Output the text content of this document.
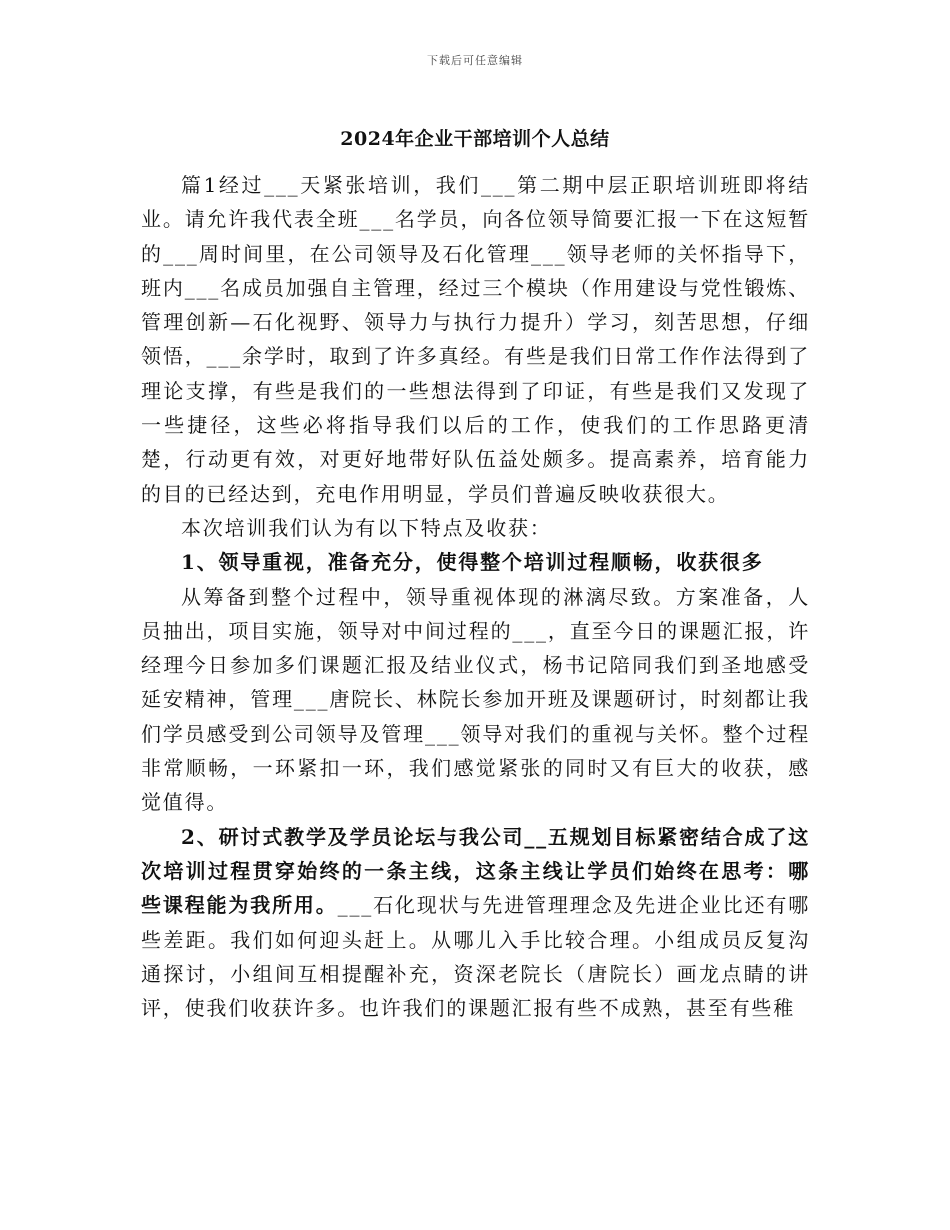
下载后可任意编辑
2024年企业干部培训个人总结

篇1经过___天紧张培训，我们___第二期中层正职培训班即将结业。请允许我代表全班___名学员，向各位领导简要汇报一下在这短暂的___周时间里，在公司领导及石化管理___领导老师的关怀指导下，班内___名成员加强自主管理，经过三个模块（作用建设与党性锻炼、管理创新—石化视野、领导力与执行力提升）学习，刻苦思想，仔细领悟，___余学时，取到了许多真经。有些是我们日常工作作法得到了理论支撑，有些是我们的一些想法得到了印证，有些是我们又发现了一些捷径，这些必将指导我们以后的工作，使我们的工作思路更清楚，行动更有效，对更好地带好队伍益处颇多。提高素养，培育能力的目的已经达到，充电作用明显，学员们普遍反映收获很大。

本次培训我们认为有以下特点及收获：

1、领导重视，准备充分，使得整个培训过程顺畅，收获很多

从筹备到整个过程中，领导重视体现的淋漓尽致。方案准备，人员抽出，项目实施，领导对中间过程的___，直至今日的课题汇报，许经理今日参加多们课题汇报及结业仪式，杨书记陪同我们到圣地感受延安精神，管理___唐院长、林院长参加开班及课题研讨，时刻都让我们学员感受到公司领导及管理___领导对我们的重视与关怀。整个过程非常顺畅，一环紧扣一环，我们感觉紧张的同时又有巨大的收获，感觉值得。

2、研讨式教学及学员论坛与我公司__五规划目标紧密结合成了这次培训过程贯穿始终的一条主线，这条主线让学员们始终在思考：哪些课程能为我所用。___石化现状与先进管理理念及先进企业比还有哪些差距。我们如何迎头赶上。从哪儿入手比较合理。小组成员反复沟通探讨，小组间互相提醒补充，资深老院长（唐院长）画龙点睛的讲评，使我们收获许多。也许我们的课题汇报有些不成熟，甚至有些稚
